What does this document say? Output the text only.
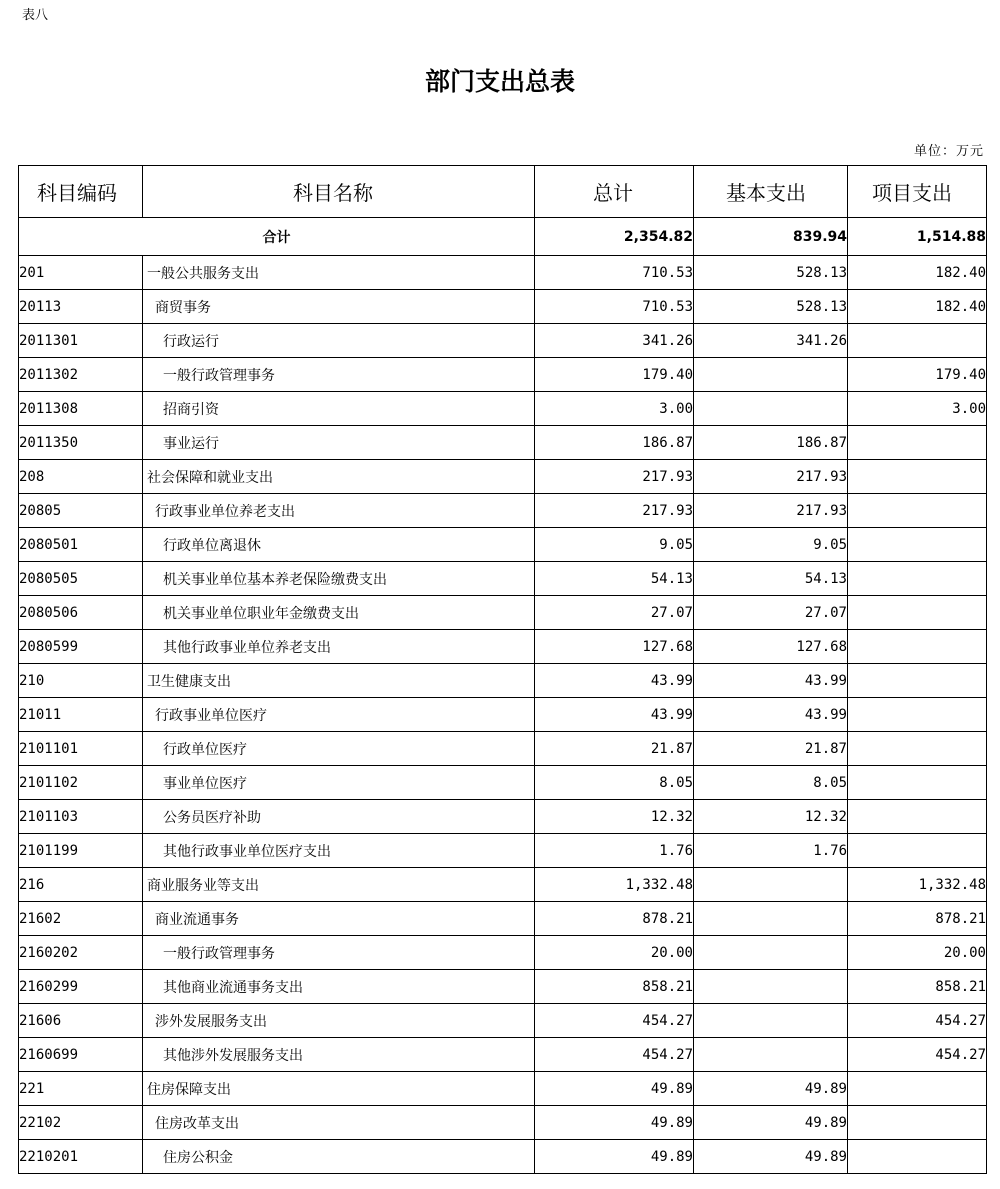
表八
部门支出总表
单位：万元
科目编码	科目名称	总计	基本支出	项目支出
合计		2,354.82	839.94	1,514.88
201	一般公共服务支出	710.53	528.13	182.40
20113	商贸事务	710.53	528.13	182.40
2011301	行政运行	341.26	341.26	
2011302	一般行政管理事务	179.40		179.40
2011308	招商引资	3.00		3.00
2011350	事业运行	186.87	186.87	
208	社会保障和就业支出	217.93	217.93	
20805	行政事业单位养老支出	217.93	217.93	
2080501	行政单位离退休	9.05	9.05	
2080505	机关事业单位基本养老保险缴费支出	54.13	54.13	
2080506	机关事业单位职业年金缴费支出	27.07	27.07	
2080599	其他行政事业单位养老支出	127.68	127.68	
210	卫生健康支出	43.99	43.99	
21011	行政事业单位医疗	43.99	43.99	
2101101	行政单位医疗	21.87	21.87	
2101102	事业单位医疗	8.05	8.05	
2101103	公务员医疗补助	12.32	12.32	
2101199	其他行政事业单位医疗支出	1.76	1.76	
216	商业服务业等支出	1,332.48		1,332.48
21602	商业流通事务	878.21		878.21
2160202	一般行政管理事务	20.00		20.00
2160299	其他商业流通事务支出	858.21		858.21
21606	涉外发展服务支出	454.27		454.27
2160699	其他涉外发展服务支出	454.27		454.27
221	住房保障支出	49.89	49.89	
22102	住房改革支出	49.89	49.89	
2210201	住房公积金	49.89	49.89	
